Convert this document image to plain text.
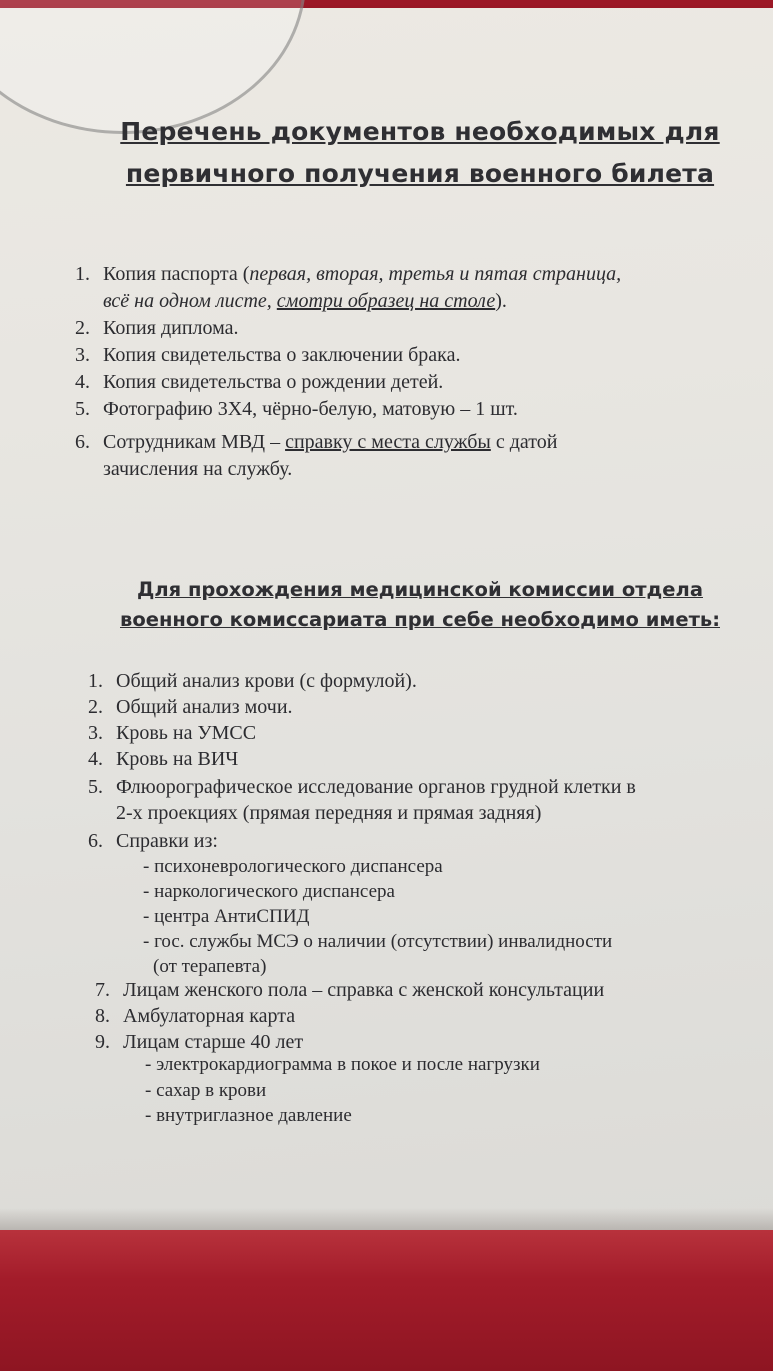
Перечень документов необходимых для
первичного получения военного билета
1. Копия паспорта (первая, вторая, третья и пятая страница,
всё на одном листе, смотри образец на столе).
2. Копия диплома.
3. Копия свидетельства о заключении брака.
4. Копия свидетельства о рождении детей.
5. Фотографию 3Х4, чёрно-белую, матовую – 1 шт.
6. Сотрудникам МВД – справку с места службы с датой
зачисления на службу.
Для прохождения медицинской комиссии отдела
военного комиссариата при себе необходимо иметь:
1. Общий анализ крови (с формулой).
2. Общий анализ мочи.
3. Кровь на УМСС
4. Кровь на ВИЧ
5. Флюорографическое исследование органов грудной клетки в
2-х проекциях (прямая передняя и прямая задняя)
6. Справки из:
- психоневрологического диспансера
- наркологического диспансера
- центра АнтиСПИД
- гос. службы МСЭ о наличии (отсутствии) инвалидности
(от терапевта)
7. Лицам женского пола – справка с женской консультации
8. Амбулаторная карта
9. Лицам старше 40 лет
- электрокардиограмма в покое и после нагрузки
- сахар в крови
- внутриглазное давление
